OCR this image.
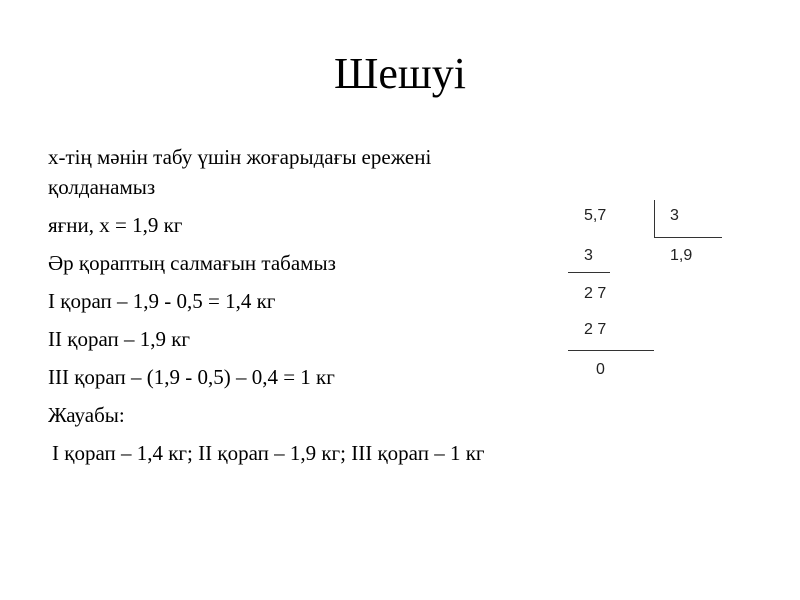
Шешуі
х-тің мәнін табу үшін жоғарыдағы ережені
қолданамыз
яғни, х = 1,9 кг
Әр қораптың салмағын табамыз
I қорап – 1,9 - 0,5 = 1,4 кг
II қорап – 1,9 кг
III қорап – (1,9 - 0,5) – 0,4 = 1 кг
Жауабы:
I қорап – 1,4 кг; II қорап – 1,9 кг; III қорап – 1 кг
5,7	3
1,9
3
2 7
2 7
0
